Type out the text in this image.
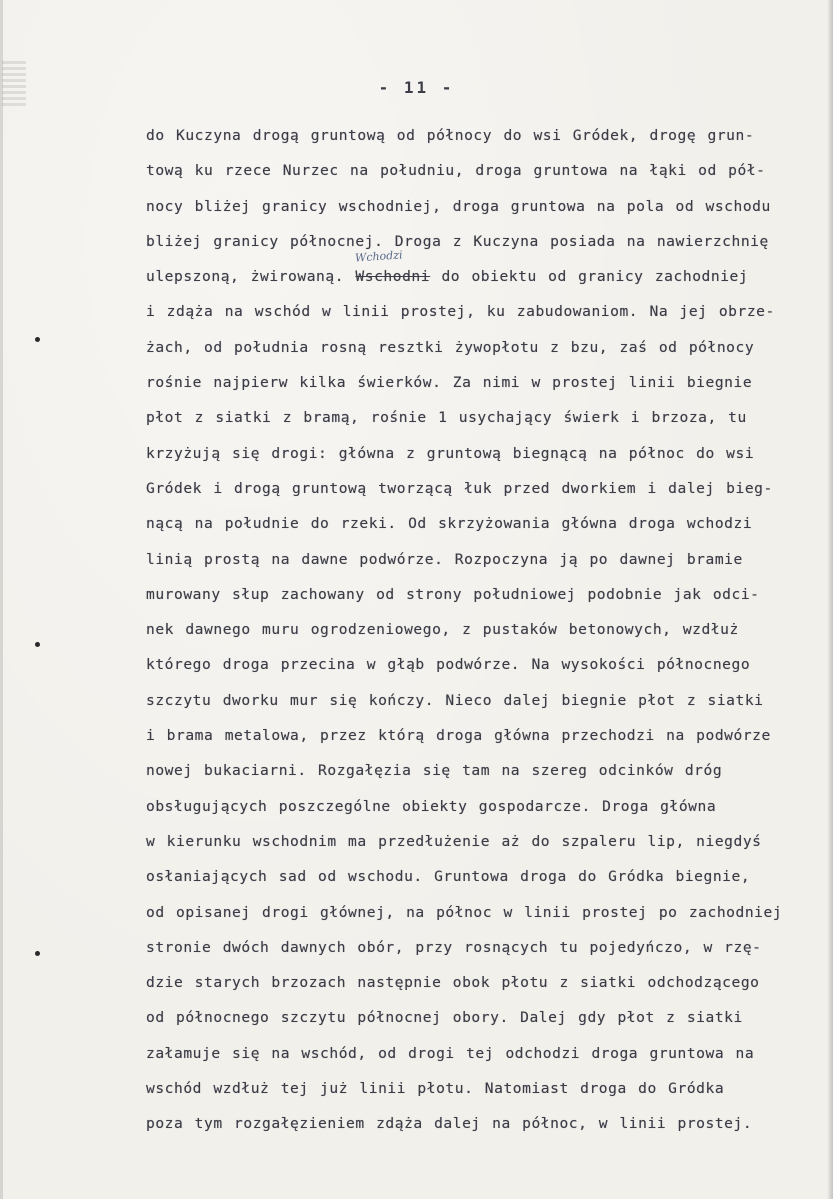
- 11 -
do Kuczyna drogą gruntową od północy do wsi Gródek, drogę grun-
tową ku rzece Nurzec na południu, droga gruntowa na łąki od pół-
nocy bliżej granicy wschodniej, droga gruntowa na pola od wschodu
bliżej granicy północnej. Droga z Kuczyna posiada na nawierzchnię
ulepszoną, żwirowaną. Wschodni
Wchodzi
do obiektu od granicy zachodniej
i zdąża na wschód w linii prostej, ku zabudowaniom. Na jej obrze-
żach, od południa rosną resztki żywopłotu z bzu, zaś od północy
rośnie najpierw kilka świerków. Za nimi w prostej linii biegnie
płot z siatki z bramą, rośnie 1 usychający świerk i brzoza, tu
krzyżują się drogi: główna z gruntową biegnącą na północ do wsi
Gródek i drogą gruntową tworzącą łuk przed dworkiem i dalej bieg-
nącą na południe do rzeki. Od skrzyżowania główna droga wchodzi
linią prostą na dawne podwórze. Rozpoczyna ją po dawnej bramie
murowany słup zachowany od strony południowej podobnie jak odci-
nek dawnego muru ogrodzeniowego, z pustaków betonowych, wzdłuż
którego droga przecina w głąb podwórze. Na wysokości północnego
szczytu dworku mur się kończy. Nieco dalej biegnie płot z siatki
i brama metalowa, przez którą droga główna przechodzi na podwórze
nowej bukaciarni. Rozgałęzia się tam na szereg odcinków dróg
obsługujących poszczególne obiekty gospodarcze. Droga główna
w kierunku wschodnim ma przedłużenie aż do szpaleru lip, niegdyś
osłaniających sad od wschodu. Gruntowa droga do Gródka biegnie,
od opisanej drogi głównej, na północ w linii prostej po zachodniej
stronie dwóch dawnych obór, przy rosnących tu pojedyńczo, w rzę-
dzie starych brzozach następnie obok płotu z siatki odchodzącego
od północnego szczytu północnej obory. Dalej gdy płot z siatki
załamuje się na wschód, od drogi tej odchodzi droga gruntowa na
wschód wzdłuż tej już linii płotu. Natomiast droga do Gródka
poza tym rozgałęzieniem zdąża dalej na północ, w linii prostej.
